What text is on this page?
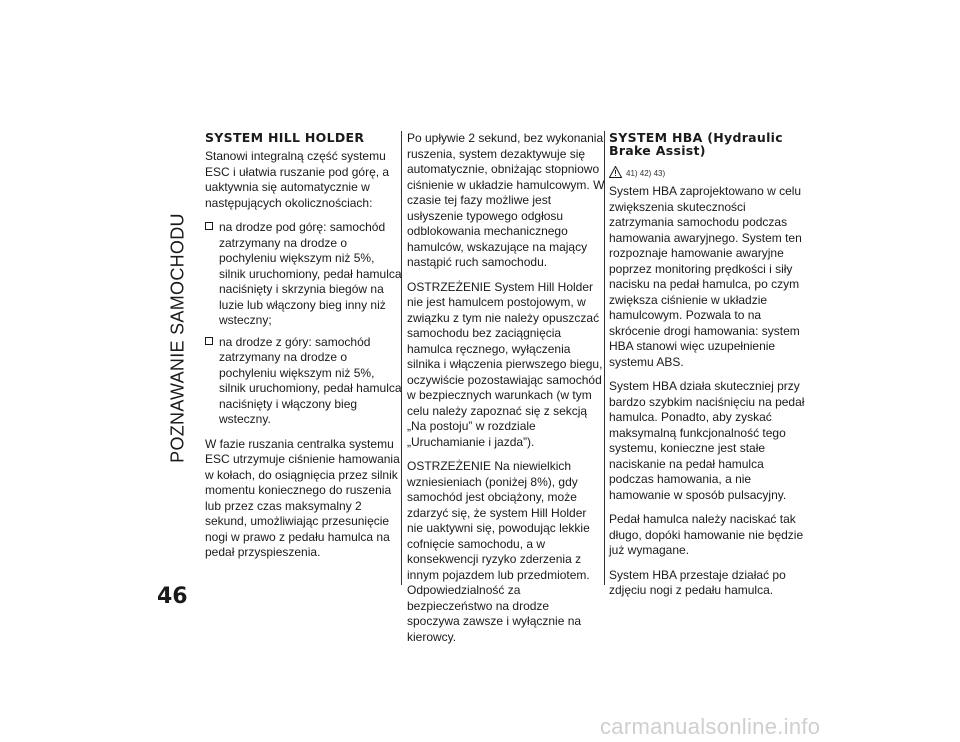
POZNAWANIE SAMOCHODU
SYSTEM HILL HOLDER

Stanowi integralną część systemu ESC i ułatwia ruszanie pod górę, a uaktywnia się automatycznie w następujących okolicznościach:

na drodze pod górę: samochód zatrzymany na drodze o pochyleniu większym niż 5%, silnik uruchomiony, pedał hamulca naciśnięty i skrzynia biegów na luzie lub włączony bieg inny niż wsteczny;
na drodze z góry: samochód zatrzymany na drodze o pochyleniu większym niż 5%, silnik uruchomiony, pedał hamulca naciśnięty i włączony bieg wsteczny.

W fazie ruszania centralka systemu ESC utrzymuje ciśnienie hamowania w kołach, do osiągnięcia przez silnik momentu koniecznego do ruszenia lub przez czas maksymalny 2 sekund, umożliwiając przesunięcie nogi w prawo z pedału hamulca na pedał przyspieszenia.

Po upływie 2 sekund, bez wykonania ruszenia, system dezaktywuje się automatycznie, obniżając stopniowo ciśnienie w układzie hamulcowym. W czasie tej fazy możliwe jest usłyszenie typowego odgłosu odblokowania mechanicznego hamulców, wskazujące na mający nastąpić ruch samochodu.

OSTRZEŻENIE System Hill Holder nie jest hamulcem postojowym, w związku z tym nie należy opuszczać samochodu bez zaciągnięcia hamulca ręcznego, wyłączenia silnika i włączenia pierwszego biegu, oczywiście pozostawiając samochód w bezpiecznych warunkach (w tym celu należy zapoznać się z sekcją „Na postoju” w rozdziale „Uruchamianie i jazda”).

OSTRZEŻENIE Na niewielkich wzniesieniach (poniżej 8%), gdy samochód jest obciążony, może zdarzyć się, że system Hill Holder nie uaktywni się, powodując lekkie cofnięcie samochodu, a w konsekwencji ryzyko zderzenia z innym pojazdem lub przedmiotem. Odpowiedzialność za bezpieczeństwo na drodze spoczywa zawsze i wyłącznie na kierowcy.

SYSTEM HBA (Hydraulic
Brake Assist)
41) 42) 43)

System HBA zaprojektowano w celu zwiększenia skuteczności zatrzymania samochodu podczas hamowania awaryjnego. System ten rozpoznaje hamowanie awaryjne poprzez monitoring prędkości i siły nacisku na pedał hamulca, po czym zwiększa ciśnienie w układzie hamulcowym. Pozwala to na skrócenie drogi hamowania: system HBA stanowi więc uzupełnienie systemu ABS.

System HBA działa skuteczniej przy bardzo szybkim naciśnięciu na pedał hamulca. Ponadto, aby zyskać maksymalną funkcjonalność tego systemu, konieczne jest stałe naciskanie na pedał hamulca podczas hamowania, a nie hamowanie w sposób pulsacyjny.

Pedał hamulca należy naciskać tak długo, dopóki hamowanie nie będzie już wymagane.

System HBA przestaje działać po zdjęciu nogi z pedału hamulca.

46
carmanualsonline.info
